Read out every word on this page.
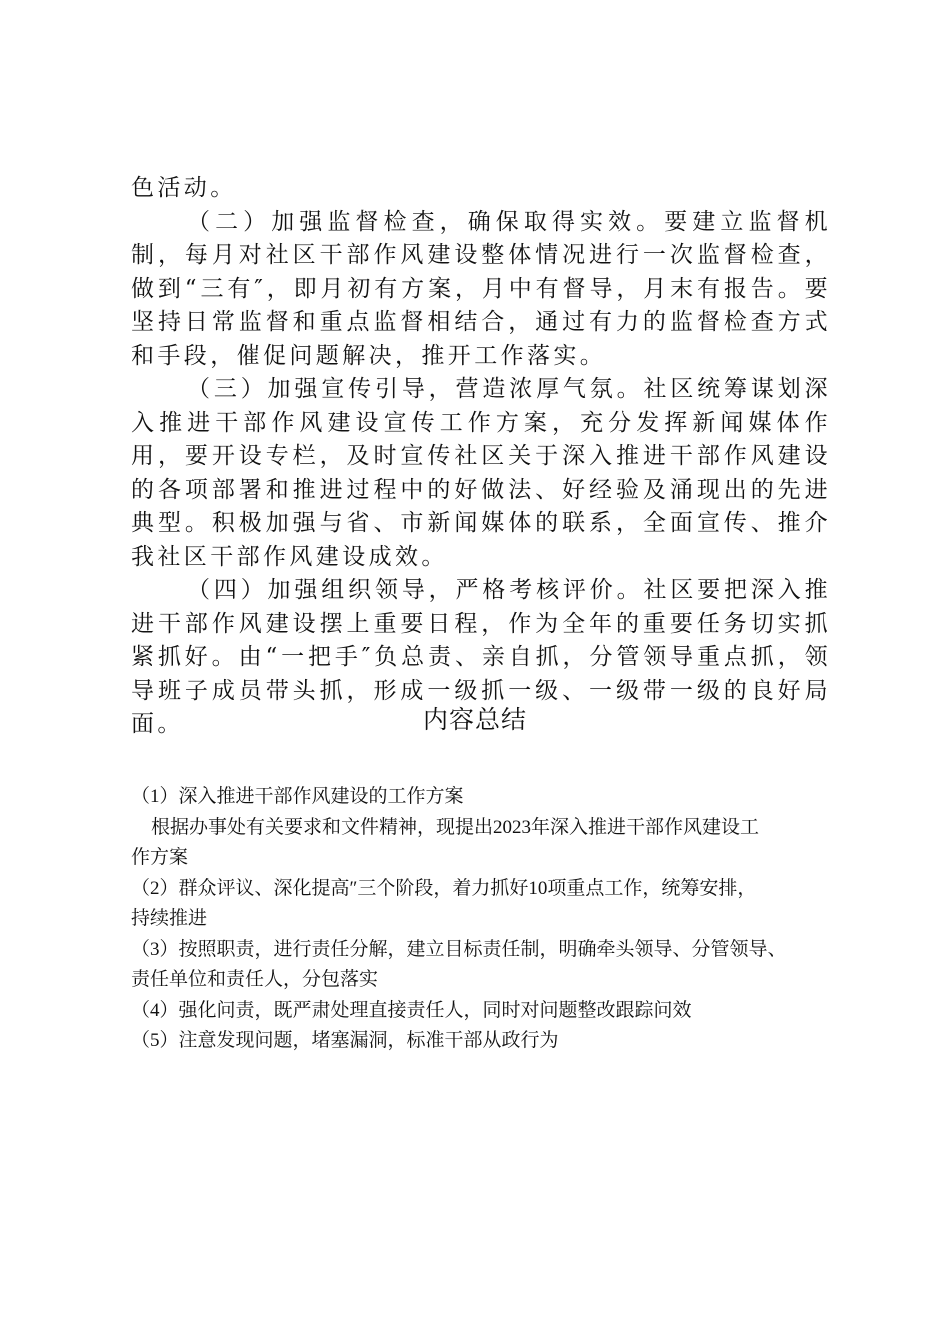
色活动。

（二）加强监督检查，确保取得实效。要建立监督机制，每月对社区干部作风建设整体情况进行一次监督检查，做到“三有″，即月初有方案，月中有督导，月末有报告。要坚持日常监督和重点监督相结合，通过有力的监督检查方式和手段，催促问题解决，推开工作落实。

（三）加强宣传引导，营造浓厚气氛。社区统筹谋划深入推进干部作风建设宣传工作方案，充分发挥新闻媒体作用，要开设专栏，及时宣传社区关于深入推进干部作风建设的各项部署和推进过程中的好做法、好经验及涌现出的先进典型。积极加强与省、市新闻媒体的联系，全面宣传、推介我社区干部作风建设成效。

（四）加强组织领导，严格考核评价。社区要把深入推进干部作风建设摆上重要日程，作为全年的重要任务切实抓紧抓好。由“一把手″负总责、亲自抓，分管领导重点抓，领导班子成员带头抓，形成一级抓一级、一级带一级的良好局面。	内容总结

（1）深入推进干部作风建设的工作方案

根据办事处有关要求和文件精神，现提出2023年深入推进干部作风建设工

作方案

（2）群众评议、深化提高″三个阶段，着力抓好10项重点工作，统筹安排，
持续推进

（3）按照职责，进行责任分解，建立目标责任制，明确牵头领导、分管领导、
责任单位和责任人，分包落实

（4）强化问责，既严肃处理直接责任人，同时对问题整改跟踪问效

（5）注意发现问题，堵塞漏洞，标准干部从政行为
